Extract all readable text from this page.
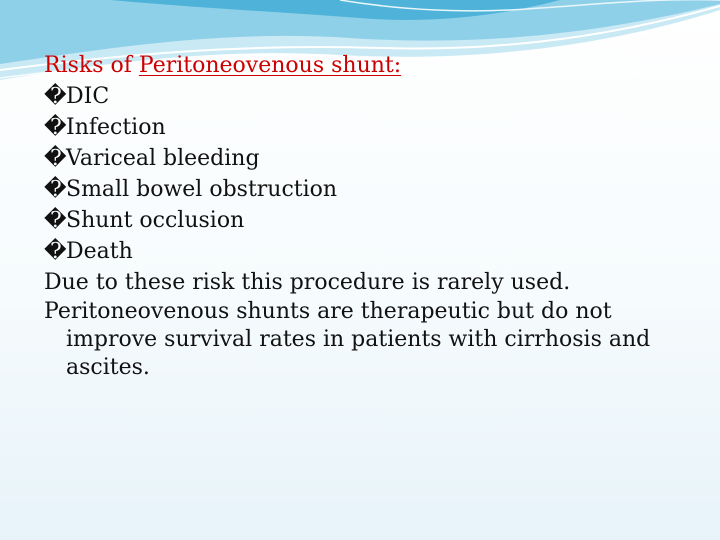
Risks of Peritoneovenous shunt:

� DIC
� Infection
� Variceal bleeding
� Small bowel obstruction
� Shunt occlusion
� Death

Due to these risk this procedure is rarely used.

Peritoneovenous shunts are therapeutic but do not improve survival rates in patients with cirrhosis and ascites.
